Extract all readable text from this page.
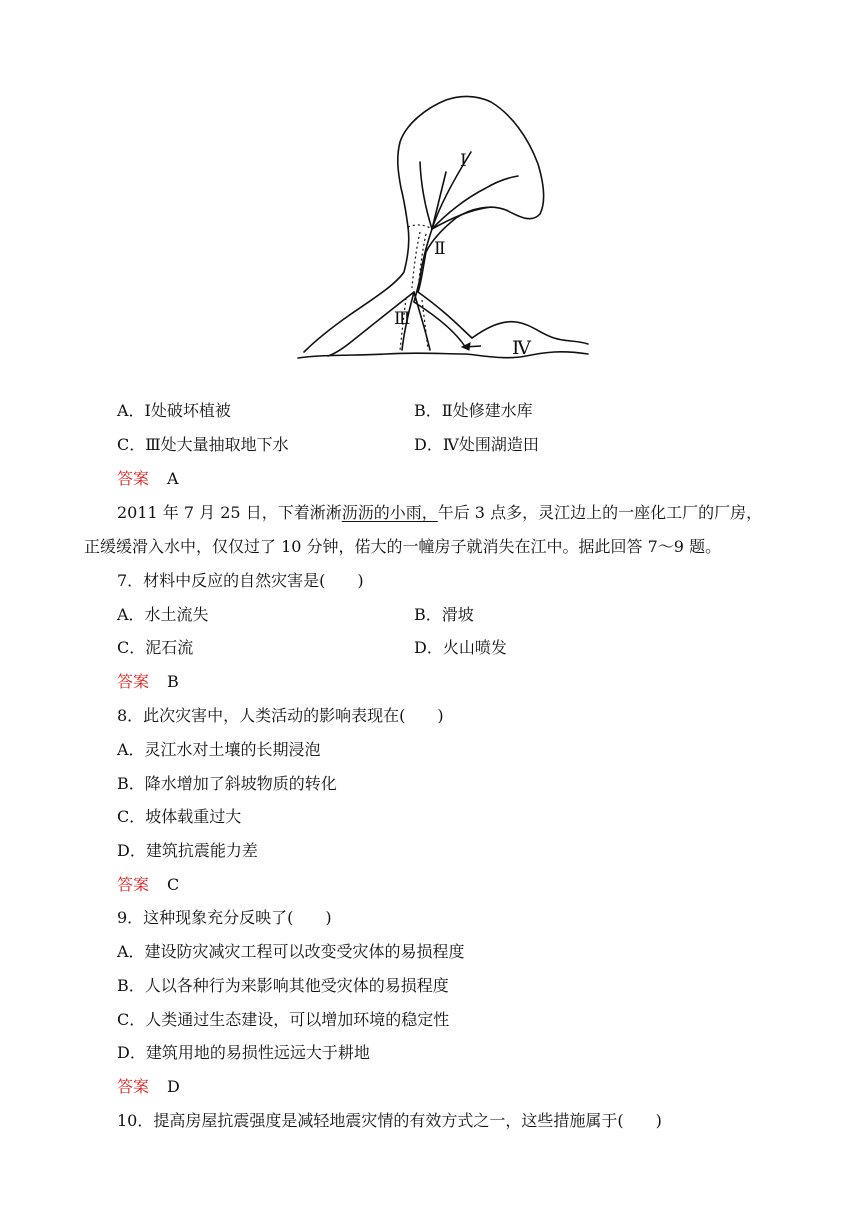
Ⅰ
Ⅱ
Ⅲ
Ⅳ
A．Ⅰ处破坏植被	B．Ⅱ处修建水库
C．Ⅲ处大量抽取地下水	D．Ⅳ处围湖造田
答案 A
2011 年 7 月 25 日，下着淅淅沥沥的小雨，午后 3 点多，灵江边上的一座化工厂的厂房，
正缓缓滑入水中，仅仅过了 10 分钟，偌大的一幢房子就消失在江中。据此回答 7～9 题。
7．材料中反应的自然灾害是(　　)
A．水土流失	B．滑坡
C．泥石流	D．火山喷发
答案 B
8．此次灾害中，人类活动的影响表现在(　　)
A．灵江水对土壤的长期浸泡
B．降水增加了斜坡物质的转化
C．坡体载重过大
D．建筑抗震能力差
答案 C
9．这种现象充分反映了(　　)
A．建设防灾减灾工程可以改变受灾体的易损程度
B．人以各种行为来影响其他受灾体的易损程度
C．人类通过生态建设，可以增加环境的稳定性
D．建筑用地的易损性远远大于耕地
答案 D
10．提高房屋抗震强度是减轻地震灾情的有效方式之一，这些措施属于(　　)
